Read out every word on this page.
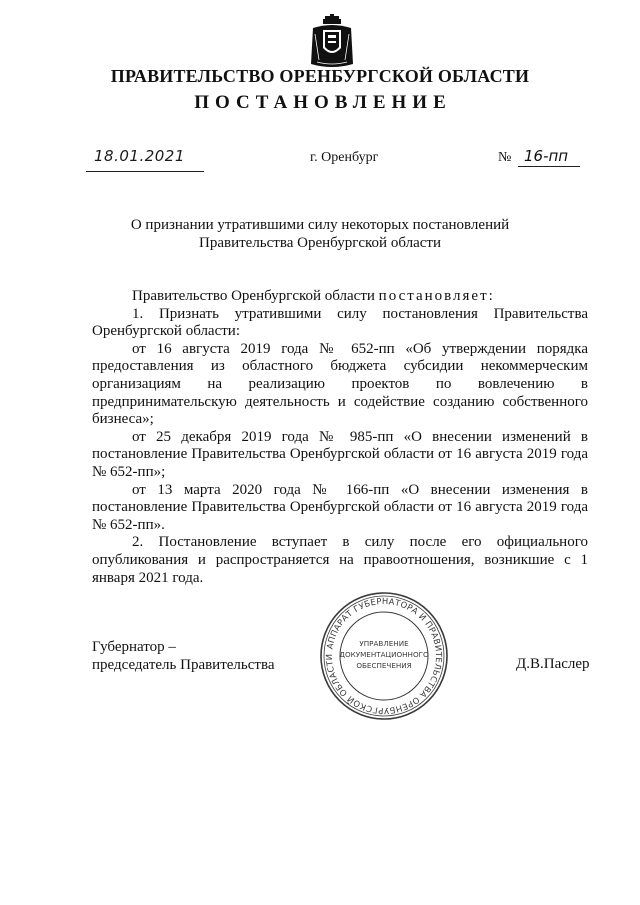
ПРАВИТЕЛЬСТВО ОРЕНБУРГСКОЙ ОБЛАСТИ
ПОСТАНОВЛЕНИЕ
18.01.2021	г. Оренбург	№ 16-пп
О признании утратившими силу некоторых постановлений
Правительства Оренбургской области

Правительство Оренбургской области постановляет:

1. Признать утратившими силу постановления Правительства Оренбургской области:

от 16 августа 2019 года № 652-пп «Об утверждении порядка предоставления из областного бюджета субсидии некоммерческим организациям на реализацию проектов по вовлечению в предпринимательскую деятельность и содействие созданию собственного бизнеса»;

от 25 декабря 2019 года № 985-пп «О внесении изменений в постановление Правительства Оренбургской области от 16 августа 2019 года № 652-пп»;

от 13 марта 2020 года № 166-пп «О внесении изменения в постановление Правительства Оренбургской области от 16 августа 2019 года № 652-пп».

2. Постановление вступает в силу после его официального опубликования и распространяется на правоотношения, возникшие с 1 января 2021 года.

Губернатор –
председатель Правительства	Д.В.Паслер
АППАРАТ ГУБЕРНАТОРА И ПРАВИТЕЛЬСТВА ОРЕНБУРГСКОЙ ОБЛАСТИ
УПРАВЛЕНИЕ
ДОКУМЕНТАЦИОННОГО
ОБЕСПЕЧЕНИЯ
